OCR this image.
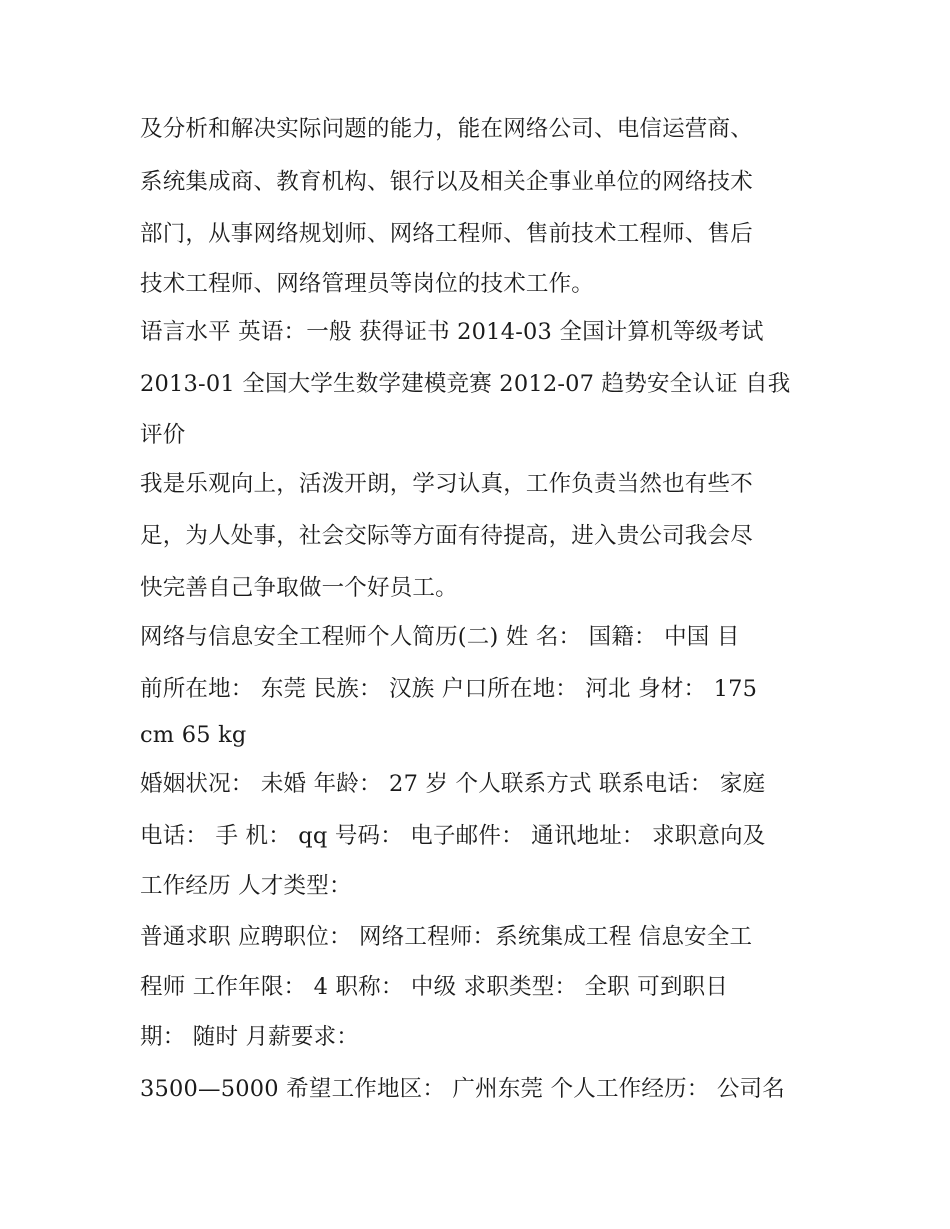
及分析和解决实际问题的能力，能在网络公司、电信运营商、
系统集成商、教育机构、银行以及相关企事业单位的网络技术
部门，从事网络规划师、网络工程师、售前技术工程师、售后
技术工程师、网络管理员等岗位的技术工作。
语言水平 英语：一般 获得证书 2014-03 全国计算机等级考试
2013-01 全国大学生数学建模竞赛 2012-07 趋势安全认证 自我
评价
我是乐观向上，活泼开朗，学习认真，工作负责当然也有些不
足，为人处事，社会交际等方面有待提高，进入贵公司我会尽
快完善自己争取做一个好员工。
网络与信息安全工程师个人简历(二) 姓 名： 国籍： 中国 目
前所在地： 东莞 民族： 汉族 户口所在地： 河北 身材： 175
cm 65 kg
婚姻状况： 未婚 年龄： 27 岁 个人联系方式 联系电话： 家庭
电话： 手 机： qq 号码： 电子邮件： 通讯地址： 求职意向及
工作经历 人才类型：
普通求职 应聘职位： 网络工程师：系统集成工程 信息安全工
程师 工作年限： 4 职称： 中级 求职类型： 全职 可到职日
期： 随时 月薪要求：
3500—5000 希望工作地区： 广州东莞 个人工作经历： 公司名
